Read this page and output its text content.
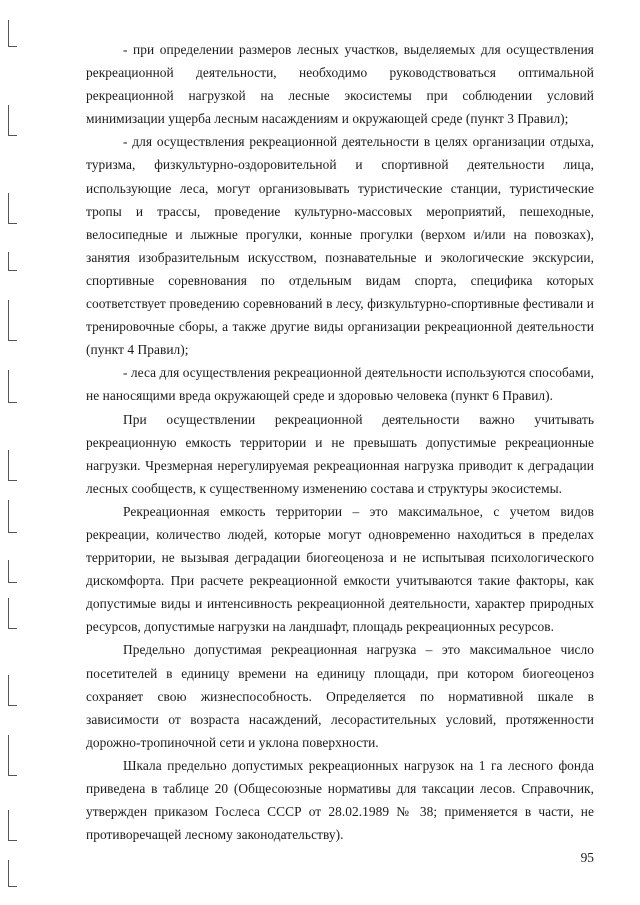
- при определении размеров лесных участков, выделяемых для осуществления рекреационной деятельности, необходимо руководствоваться оптимальной рекреационной нагрузкой на лесные экосистемы при соблюдении условий минимизации ущерба лесным насаждениям и окружающей среде (пункт 3 Правил);

- для осуществления рекреационной деятельности в целях организации отдыха, туризма, физкультурно-оздоровительной и спортивной деятельности лица, использующие леса, могут организовывать туристические станции, туристические тропы и трассы, проведение культурно-массовых мероприятий, пешеходные, велосипедные и лыжные прогулки, конные прогулки (верхом и/или на повозках), занятия изобразительным искусством, познавательные и экологические экскурсии, спортивные соревнования по отдельным видам спорта, специфика которых соответствует проведению соревнований в лесу, физкультурно-спортивные фестивали и тренировочные сборы, а также другие виды организации рекреационной деятельности (пункт 4 Правил);

- леса для осуществления рекреационной деятельности используются способами, не наносящими вреда окружающей среде и здоровью человека (пункт 6 Правил).

При осуществлении рекреационной деятельности важно учитывать рекреационную емкость территории и не превышать допустимые рекреационные нагрузки. Чрезмерная нерегулируемая рекреационная нагрузка приводит к деградации лесных сообществ, к существенному изменению состава и структуры экосистемы.

Рекреационная емкость территории – это максимальное, с учетом видов рекреации, количество людей, которые могут одновременно находиться в пределах территории, не вызывая деградации биогеоценоза и не испытывая психологического дискомфорта. При расчете рекреационной емкости учитываются такие факторы, как допустимые виды и интенсивность рекреационной деятельности, характер природных ресурсов, допустимые нагрузки на ландшафт, площадь рекреационных ресурсов.

Предельно допустимая рекреационная нагрузка – это максимальное число посетителей в единицу времени на единицу площади, при котором биогеоценоз сохраняет свою жизнеспособность. Определяется по нормативной шкале в зависимости от возраста насаждений, лесорастительных условий, протяженности дорожно-тропиночной сети и уклона поверхности.

Шкала предельно допустимых рекреационных нагрузок на 1 га лесного фонда приведена в таблице 20 (Общесоюзные нормативы для таксации лесов. Справочник, утвержден приказом Гослеса СССР от 28.02.1989 № 38; применяется в части, не противоречащей лесному законодательству).

95
